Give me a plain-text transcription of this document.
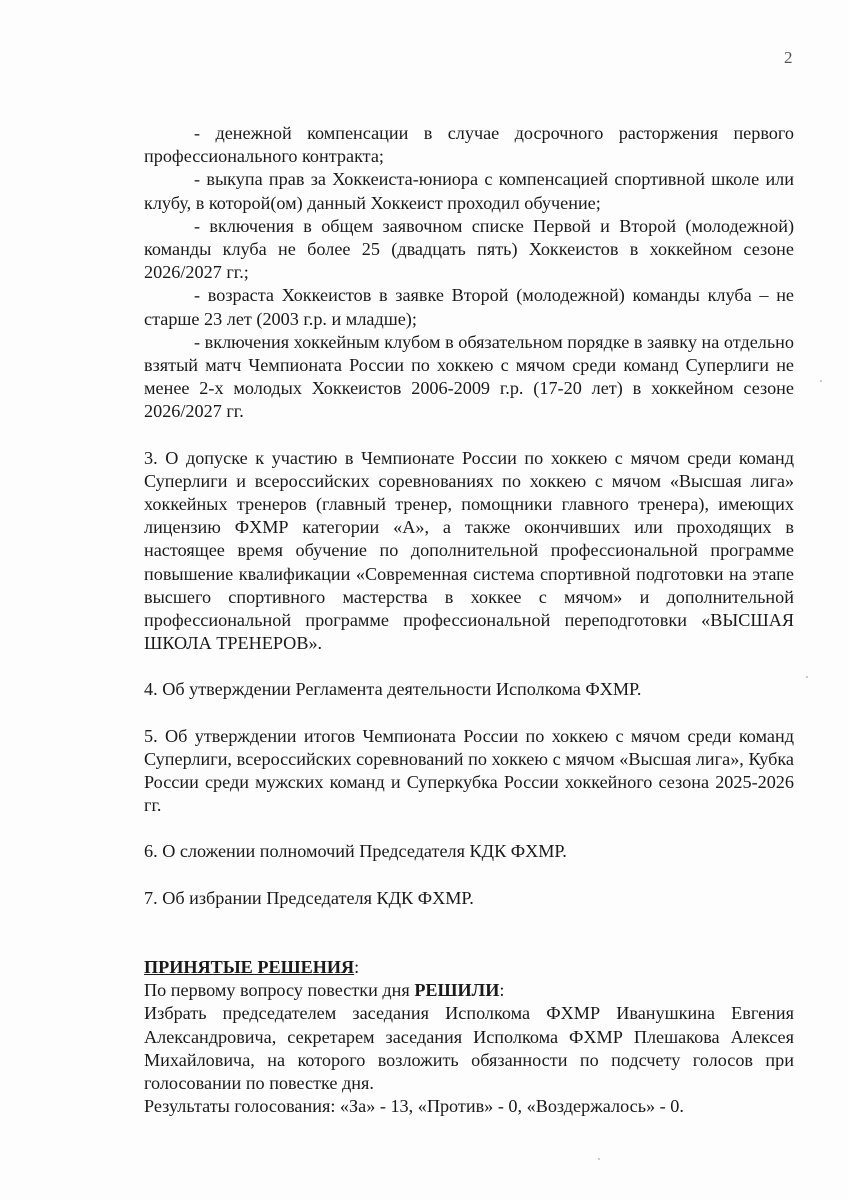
2

- денежной компенсации в случае досрочного расторжения первого профессионального контракта;

- выкупа прав за Хоккеиста-юниора с компенсацией спортивной школе или клубу, в которой(ом) данный Хоккеист проходил обучение;

- включения в общем заявочном списке Первой и Второй (молодежной) команды клуба не более 25 (двадцать пять) Хоккеистов в хоккейном сезоне 2026/2027 гг.;

- возраста Хоккеистов в заявке Второй (молодежной) команды клуба – не старше 23 лет (2003 г.р. и младше);

- включения хоккейным клубом в обязательном порядке в заявку на отдельно взятый матч Чемпионата России по хоккею с мячом среди команд Суперлиги не менее 2-х молодых Хоккеистов 2006-2009 г.р. (17-20 лет) в хоккейном сезоне 2026/2027 гг.

3. О допуске к участию в Чемпионате России по хоккею с мячом среди команд Суперлиги и всероссийских соревнованиях по хоккею с мячом «Высшая лига» хоккейных тренеров (главный тренер, помощники главного тренера), имеющих лицензию ФХМР категории «А», а также окончивших или проходящих в настоящее время обучение по дополнительной профессиональной программе повышение квалификации «Современная система спортивной подготовки на этапе высшего спортивного мастерства в хоккее с мячом» и дополнительной профессиональной программе профессиональной переподготовки «ВЫСШАЯ ШКОЛА ТРЕНЕРОВ».

4. Об утверждении Регламента деятельности Исполкома ФХМР.

5. Об утверждении итогов Чемпионата России по хоккею с мячом среди команд Суперлиги, всероссийских соревнований по хоккею с мячом «Высшая лига», Кубка России среди мужских команд и Суперкубка России хоккейного сезона 2025-2026 гг.

6. О сложении полномочий Председателя КДК ФХМР.

7. Об избрании Председателя КДК ФХМР.

ПРИНЯТЫЕ РЕШЕНИЯ:

По первому вопросу повестки дня РЕШИЛИ:

Избрать председателем заседания Исполкома ФХМР Иванушкина Евгения Александровича, секретарем заседания Исполкома ФХМР Плешакова Алексея Михайловича, на которого возложить обязанности по подсчету голосов при голосовании по повестке дня.

Результаты голосования: «За» - 13, «Против» - 0, «Воздержалось» - 0.
